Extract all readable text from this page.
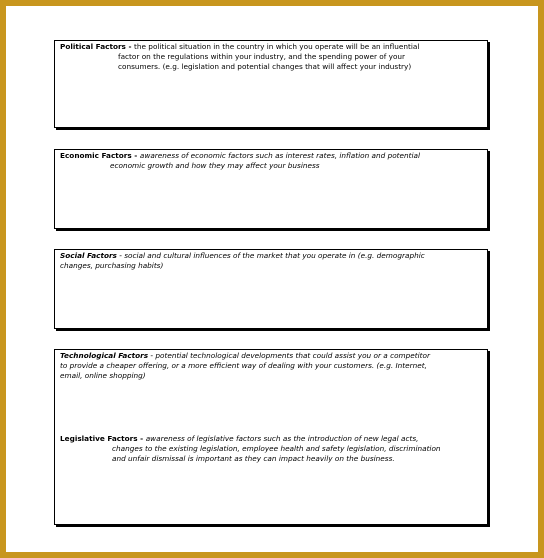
Political Factors - the political situation in the country in which you operate will be an influential
factor on the regulations within your industry, and the spending power of your
consumers. (e.g. legislation and potential changes that will affect your industry)
Economic Factors - awareness of economic factors such as interest rates, inflation and potential
economic growth and how they may affect your business
Social Factors - social and cultural influences of the market that you operate in (e.g. demographic
changes, purchasing habits)
Technological Factors - potential technological developments that could assist you or a competitor
to provide a cheaper offering, or a more efficient way of dealing with your customers. (e.g. Internet,
email, online shopping)
Legislative Factors - awareness of legislative factors such as the introduction of new legal acts,
changes to the existing legislation, employee health and safety legislation, discrimination
and unfair dismissal is important as they can impact heavily on the business.
